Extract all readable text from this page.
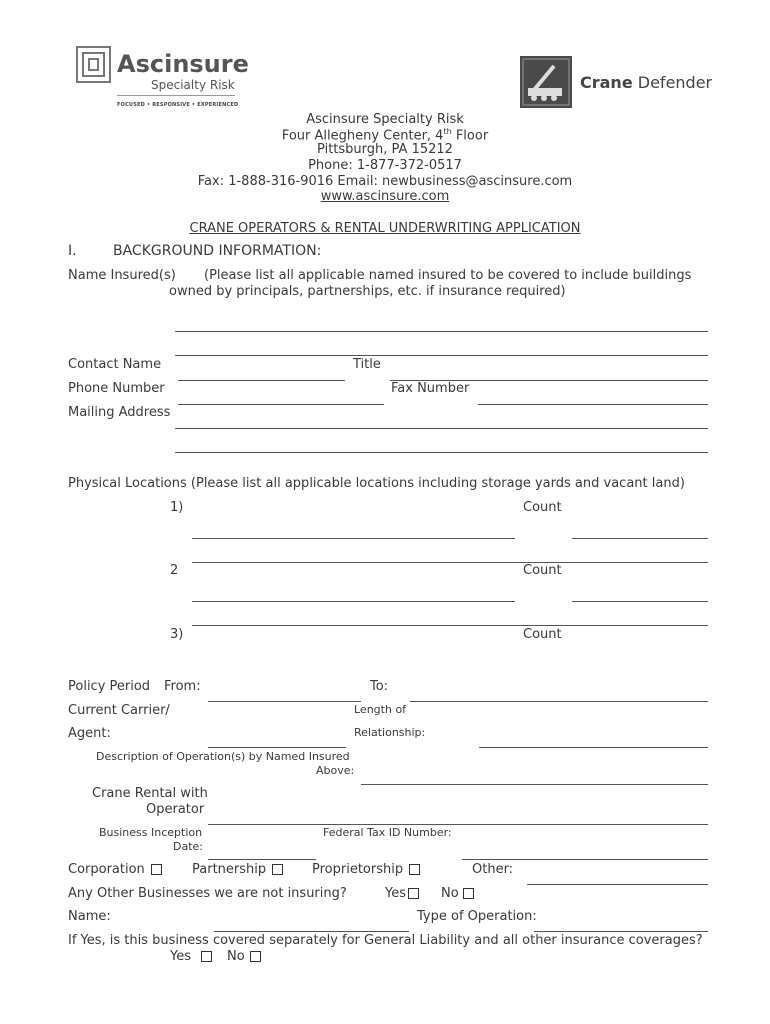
Ascinsure
Specialty Risk
FOCUSED • RESPONSIVE • EXPERIENCED
Crane Defender
Ascinsure Specialty Risk
Four Allegheny Center, 4th Floor
Pittsburgh, PA 15212
Phone: 1-877-372-0517
Fax: 1-888-316-9016 Email: newbusiness@ascinsure.com
www.ascinsure.com
CRANE OPERATORS & RENTAL UNDERWRITING APPLICATION
I.	BACKGROUND INFORMATION:
Name Insured(s) (Please list all applicable named insured to be covered to include buildings
owned by principals, partnerships, etc. if insurance required)
Contact Name	Title
Phone Number	Fax Number
Mailing Address
Physical Locations (Please list all applicable locations including storage yards and vacant land)
1)	Count
2	Count
3)	Count
Policy Period From:	To:
Current Carrier/	Length of
Agent:	Relationship:
Description of Operation(s) by Named Insured
Above:
Crane Rental with
Operator
Business Inception
Date:
Federal Tax ID Number:
Corporation	Partnership	Proprietorship	Other:
Any Other Businesses we are not insuring?	Yes	No
Name:	Type of Operation:
If Yes, is this business covered separately for General Liability and all other insurance coverages?
Yes	No
